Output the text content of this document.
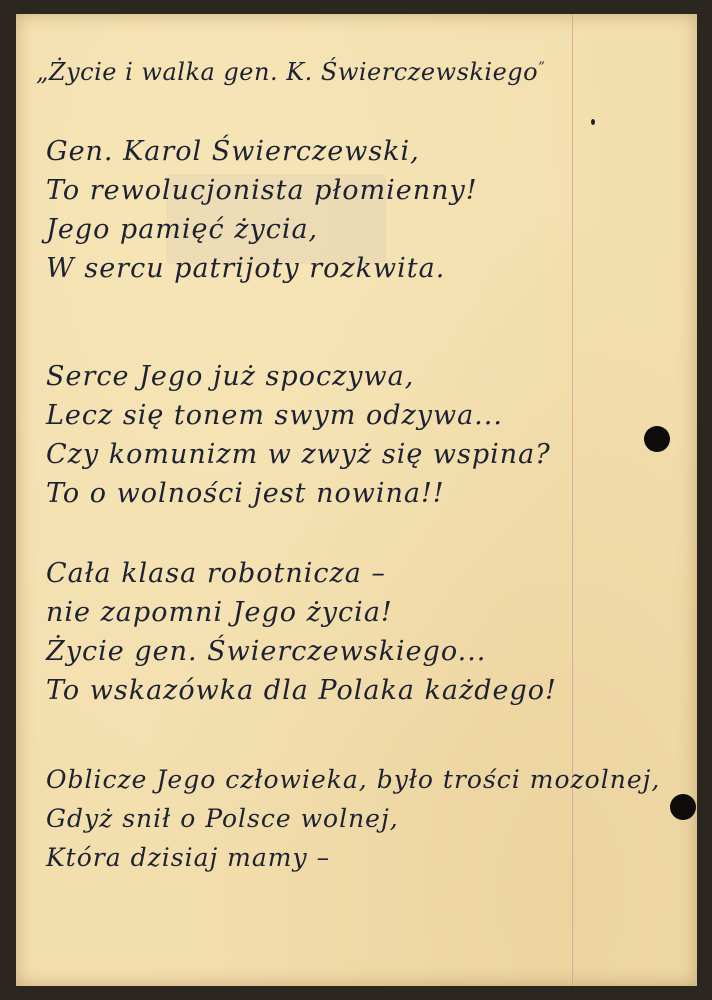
„Życie i walka gen. K. Świerczewskiego”
Gen. Karol Świerczewski,
To rewolucjonista płomienny!
Jego pamięć życia,
W sercu patrijoty rozkwita.
Serce Jego już spoczywa,
Lecz się tonem swym odzywa...
Czy komunizm w zwyż się wspina?
To o wolności jest nowina!!
Cała klasa robotnicza –
nie zapomni Jego życia!
Życie gen. Świerczewskiego...
To wskazówka dla Polaka każdego!
Oblicze Jego człowieka, było trości mozolnej,
Gdyż snił o Polsce wolnej,
Która dzisiaj mamy –
